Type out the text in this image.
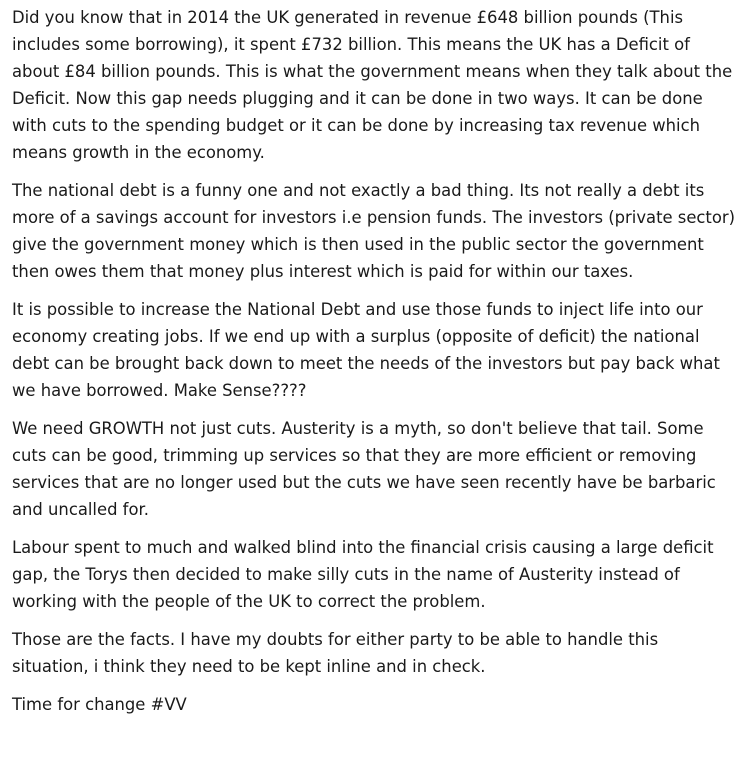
Did you know that in 2014 the UK generated in revenue £648 billion pounds (This includes some borrowing), it spent £732 billion. This means the UK has a Deficit of about £84 billion pounds. This is what the government means when they talk about the Deficit. Now this gap needs plugging and it can be done in two ways. It can be done with cuts to the spending budget or it can be done by increasing tax revenue which means growth in the economy.

The national debt is a funny one and not exactly a bad thing. Its not really a debt its more of a savings account for investors i.e pension funds. The investors (private sector) give the government money which is then used in the public sector the government then owes them that money plus interest which is paid for within our taxes.

It is possible to increase the National Debt and use those funds to inject life into our economy creating jobs. If we end up with a surplus (opposite of deficit) the national debt can be brought back down to meet the needs of the investors but pay back what we have borrowed. Make Sense????

We need GROWTH not just cuts. Austerity is a myth, so don't believe that tail. Some cuts can be good, trimming up services so that they are more efficient or removing services that are no longer used but the cuts we have seen recently have be barbaric and uncalled for.

Labour spent to much and walked blind into the financial crisis causing a large deficit gap, the Torys then decided to make silly cuts in the name of Austerity instead of working with the people of the UK to correct the problem.

Those are the facts. I have my doubts for either party to be able to handle this situation, i think they need to be kept inline and in check.

Time for change #VV
